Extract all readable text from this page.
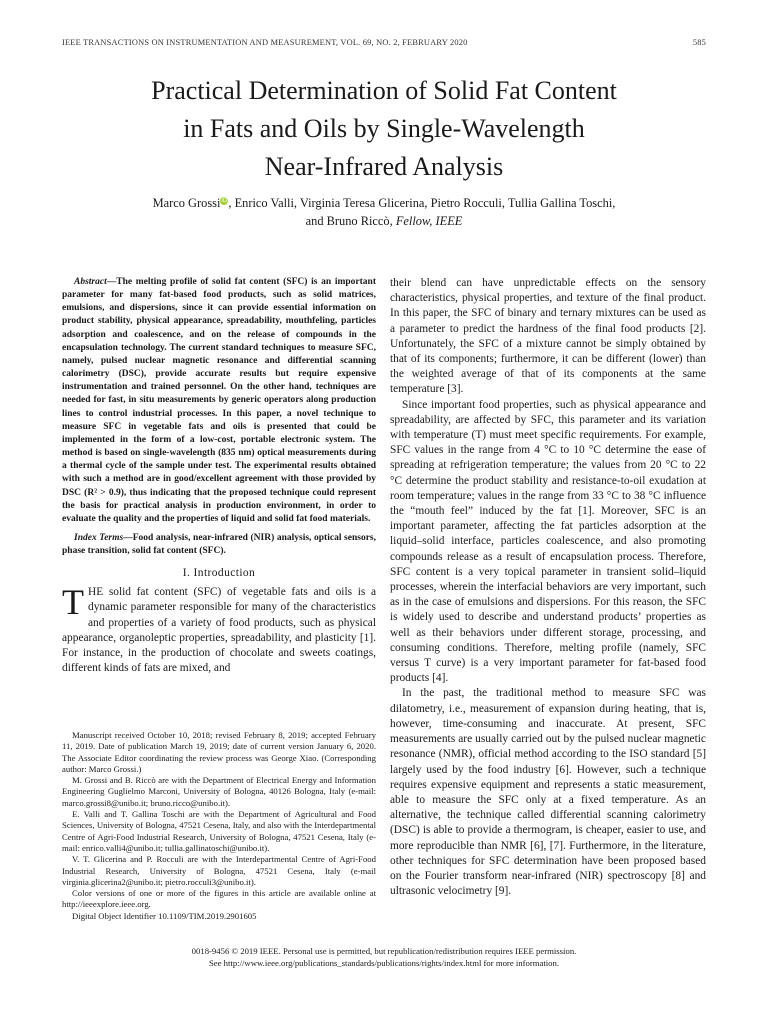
IEEE TRANSACTIONS ON INSTRUMENTATION AND MEASUREMENT, VOL. 69, NO. 2, FEBRUARY 2020	585
Practical Determination of Solid Fat Content
in Fats and Oils by Single-Wavelength
Near-Infrared Analysis
Marco GrossiiD, Enrico Valli, Virginia Teresa Glicerina, Pietro Rocculi, Tullia Gallina Toschi,
and Bruno Riccò, Fellow, IEEE

Abstract—The melting profile of solid fat content (SFC) is an important parameter for many fat-based food products, such as solid matrices, emulsions, and dispersions, since it can provide essential information on product stability, physical appearance, spreadability, mouthfeling, particles adsorption and coalescence, and on the release of compounds in the encapsulation technology. The current standard techniques to measure SFC, namely, pulsed nuclear magnetic resonance and differential scanning calorimetry (DSC), provide accurate results but require expensive instrumentation and trained personnel. On the other hand, techniques are needed for fast, in situ measurements by generic operators along production lines to control industrial processes. In this paper, a novel technique to measure SFC in vegetable fats and oils is presented that could be implemented in the form of a low-cost, portable electronic system. The method is based on single-wavelength (835 nm) optical measurements during a thermal cycle of the sample under test. The experimental results obtained with such a method are in good/excellent agreement with those provided by DSC (R² > 0.9), thus indicating that the proposed technique could represent the basis for practical analysis in production environment, in order to evaluate the quality and the properties of liquid and solid fat food materials.

Index Terms—Food analysis, near-infrared (NIR) analysis, optical sensors, phase transition, solid fat content (SFC).

I. Introduction

THE solid fat content (SFC) of vegetable fats and oils is a dynamic parameter responsible for many of the characteristics and properties of a variety of food products, such as physical appearance, organoleptic properties, spreadability, and plasticity [1]. For instance, in the production of chocolate and sweets coatings, different kinds of fats are mixed, and

Manuscript received October 10, 2018; revised February 8, 2019; accepted February 11, 2019. Date of publication March 19, 2019; date of current version January 6, 2020. The Associate Editor coordinating the review process was George Xiao. (Corresponding author: Marco Grossi.)

M. Grossi and B. Riccò are with the Department of Electrical Energy and Information Engineering Guglielmo Marconi, University of Bologna, 40126 Bologna, Italy (e-mail: marco.grossi8@unibo.it; bruno.ricco@unibo.it).

E. Valli and T. Gallina Toschi are with the Department of Agricultural and Food Sciences, University of Bologna, 47521 Cesena, Italy, and also with the Interdepartmental Centre of Agri-Food Industrial Research, University of Bologna, 47521 Cesena, Italy (e-mail: enrico.valli4@unibo.it; tullia.gallinatoschi@unibo.it).

V. T. Glicerina and P. Rocculi are with the Interdepartmental Centre of Agri-Food Industrial Research, University of Bologna, 47521 Cesena, Italy (e-mail virginia.glicerina2@unibo.it; pietro.rocculi3@unibo.it).

Color versions of one or more of the figures in this article are available online at http://ieeexplore.ieee.org.

Digital Object Identifier 10.1109/TIM.2019.2901605

their blend can have unpredictable effects on the sensory characteristics, physical properties, and texture of the final product. In this paper, the SFC of binary and ternary mixtures can be used as a parameter to predict the hardness of the final food products [2]. Unfortunately, the SFC of a mixture cannot be simply obtained by that of its components; furthermore, it can be different (lower) than the weighted average of that of its components at the same temperature [3].

Since important food properties, such as physical appearance and spreadability, are affected by SFC, this parameter and its variation with temperature (T) must meet specific requirements. For example, SFC values in the range from 4 °C to 10 °C determine the ease of spreading at refrigeration temperature; the values from 20 °C to 22 °C determine the product stability and resistance-to-oil exudation at room temperature; values in the range from 33 °C to 38 °C influence the “mouth feel” induced by the fat [1]. Moreover, SFC is an important parameter, affecting the fat particles adsorption at the liquid–solid interface, particles coalescence, and also promoting compounds release as a result of encapsulation process. Therefore, SFC content is a very topical parameter in transient solid–liquid processes, wherein the interfacial behaviors are very important, such as in the case of emulsions and dispersions. For this reason, the SFC is widely used to describe and understand products’ properties as well as their behaviors under different storage, processing, and consuming conditions. Therefore, melting profile (namely, SFC versus T curve) is a very important parameter for fat-based food products [4].

In the past, the traditional method to measure SFC was dilatometry, i.e., measurement of expansion during heating, that is, however, time-consuming and inaccurate. At present, SFC measurements are usually carried out by the pulsed nuclear magnetic resonance (NMR), official method according to the ISO standard [5] largely used by the food industry [6]. However, such a technique requires expensive equipment and represents a static measurement, able to measure the SFC only at a fixed temperature. As an alternative, the technique called differential scanning calorimetry (DSC) is able to provide a thermogram, is cheaper, easier to use, and more reproducible than NMR [6], [7]. Furthermore, in the literature, other techniques for SFC determination have been proposed based on the Fourier transform near-infrared (NIR) spectroscopy [8] and ultrasonic velocimetry [9].

0018-9456 © 2019 IEEE. Personal use is permitted, but republication/redistribution requires IEEE permission.
See http://www.ieee.org/publications_standards/publications/rights/index.html for more information.
